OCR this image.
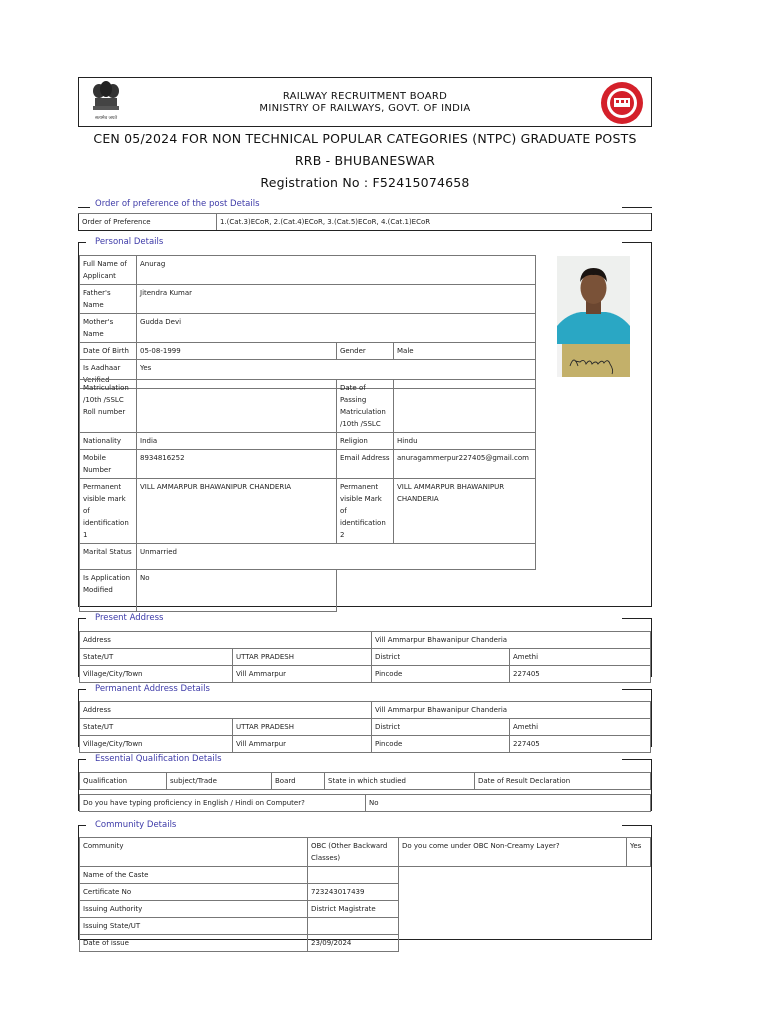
सत्यमेव जयते
RAILWAY RECRUITMENT BOARD
MINISTRY OF RAILWAYS, GOVT. OF INDIA
CEN 05/2024 FOR NON TECHNICAL POPULAR CATEGORIES (NTPC) GRADUATE POSTS
RRB - BHUBANESWAR
Registration No : F52415074658
Order of preference of the post Details
Order of Preference	1.(Cat.3)ECoR, 2.(Cat.4)ECoR, 3.(Cat.5)ECoR, 4.(Cat.1)ECoR
Personal Details
Full Name of Applicant	Anurag		
Father's Name	Jitendra Kumar		
Mother's Name	Gudda Devi		
Date Of Birth	05-08-1999	Gender	Male
Is Aadhaar Verified	Yes		
Matriculation /10th /SSLC Roll number		Date of Passing Matriculation /10th /SSLC	
Nationality	India	Religion	Hindu
Mobile Number	8934816252	Email Address	anuragammerpur227405@gmail.com
Permanent visible mark of identification 1	VILL AMMARPUR BHAWANIPUR CHANDERIA	Permanent visible Mark of identification 2	VILL AMMARPUR BHAWANIPUR CHANDERIA
Marital Status	Unmarried		
Is Application Modified	No		
Present Address
Address		Vill Ammarpur Bhawanipur Chanderia	
State/UT	UTTAR PRADESH	District	Amethi
Village/City/Town	Vill Ammarpur	Pincode	227405
Permanent Address Details
Address		Vill Ammarpur Bhawanipur Chanderia	
State/UT	UTTAR PRADESH	District	Amethi
Village/City/Town	Vill Ammarpur	Pincode	227405
Essential Qualification Details
Qualification	subject/Trade	Board	State in which studied	Date of Result Declaration
Do you have typing proficiency in English / Hindi on Computer?	No
Community Details
Community	OBC (Other Backward Classes)	Do you come under OBC Non-Creamy Layer?	Yes
Name of the Caste			
Certificate No	723243017439		
Issuing Authority	District Magistrate		
Issuing State/UT			
Date of issue	23/09/2024		
